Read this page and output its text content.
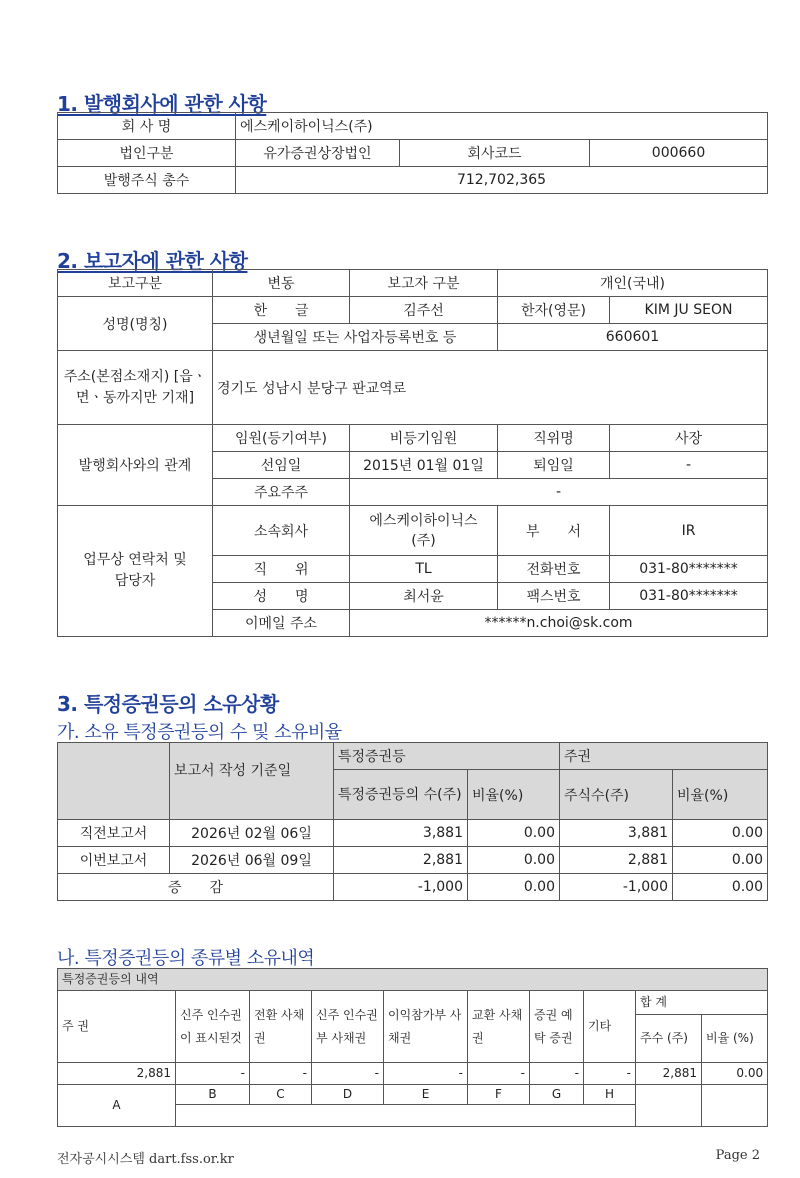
1. 발행회사에 관한 사항
회 사 명	에스케이하이닉스(주)		
법인구분	유가증권상장법인	회사코드	000660
발행주식 총수	712,702,365		
2. 보고자에 관한 사항
보고구분	변동	보고자 구분	개인(국내)	
성명(명칭)	한　　글	김주선	한자(영문)	KIM JU SEON
	생년월일 또는 사업자등록번호 등		660601	
주소(본점소재지) [읍ㆍ면ㆍ동까지만 기재]	경기도 성남시 분당구 판교역로			
발행회사와의 관계	임원(등기여부)	비등기임원	직위명	사장
	선임일	2015년 01월 01일	퇴임일	-
	주요주주	-		
업무상 연락처 및 담당자	소속회사	에스케이하이닉스(주)	부　　서	IR
	직　　위	TL	전화번호	031-80*******
	성　　명	최서윤	팩스번호	031-80*******
	이메일 주소	******n.choi@sk.com		
3. 특정증권등의 소유상황
가. 소유 특정증권등의 수 및 소유비율
	보고서 작성 기준일	특정증권등		주권	
		특정증권등의 수(주)	비율(%)	주식수(주)	비율(%)
직전보고서	2026년 02월 06일	3,881	0.00	3,881	0.00
이번보고서	2026년 06월 09일	2,881	0.00	2,881	0.00
증　　감		-1,000	0.00	-1,000	0.00
나. 특정증권등의 종류별 소유내역
특정증권등의 내역									
주 권	신주 인수권이 표시된것	전환 사채권	신주 인수권부 사채권	이익참가부 사채권	교환 사채권	증권 예탁 증권	기타	합 계	
								주수 (주)	비율 (%)
2,881	-	-	-	-	-	-	-	2,881	0.00
A	B	C	D	E	F	G	H		

전자공시시스템 dart.fss.or.kr	Page 2
